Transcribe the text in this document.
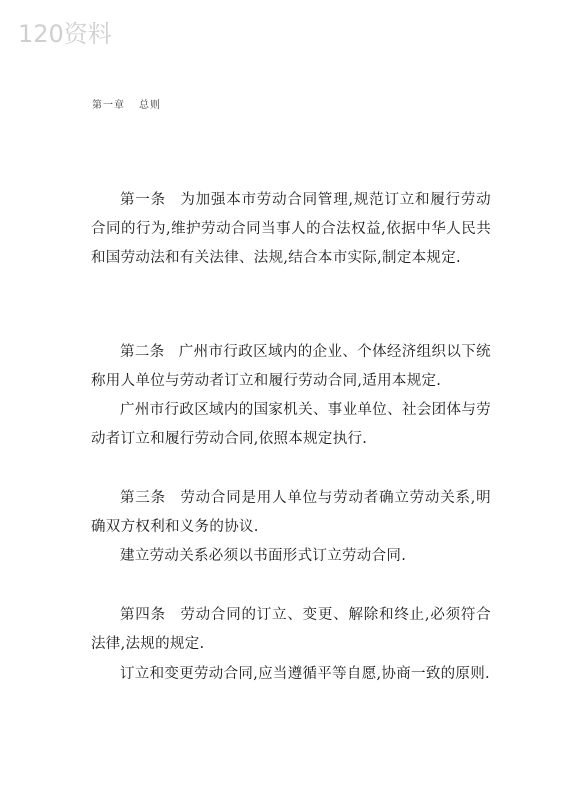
120资料
第一章 总则

第一条 为加强本市劳动合同管理,规范订立和履行劳动合同的行为,维护劳动合同当事人的合法权益,依据中华人民共和国劳动法和有关法律、法规,结合本市实际,制定本规定.

第二条 广州市行政区域内的企业、个体经济组织以下统称用人单位与劳动者订立和履行劳动合同,适用本规定.

广州市行政区域内的国家机关、事业单位、社会团体与劳动者订立和履行劳动合同,依照本规定执行.

第三条 劳动合同是用人单位与劳动者确立劳动关系,明确双方权利和义务的协议.

建立劳动关系必须以书面形式订立劳动合同.

第四条 劳动合同的订立、变更、解除和终止,必须符合法律,法规的规定.

订立和变更劳动合同,应当遵循平等自愿,协商一致的原则.
